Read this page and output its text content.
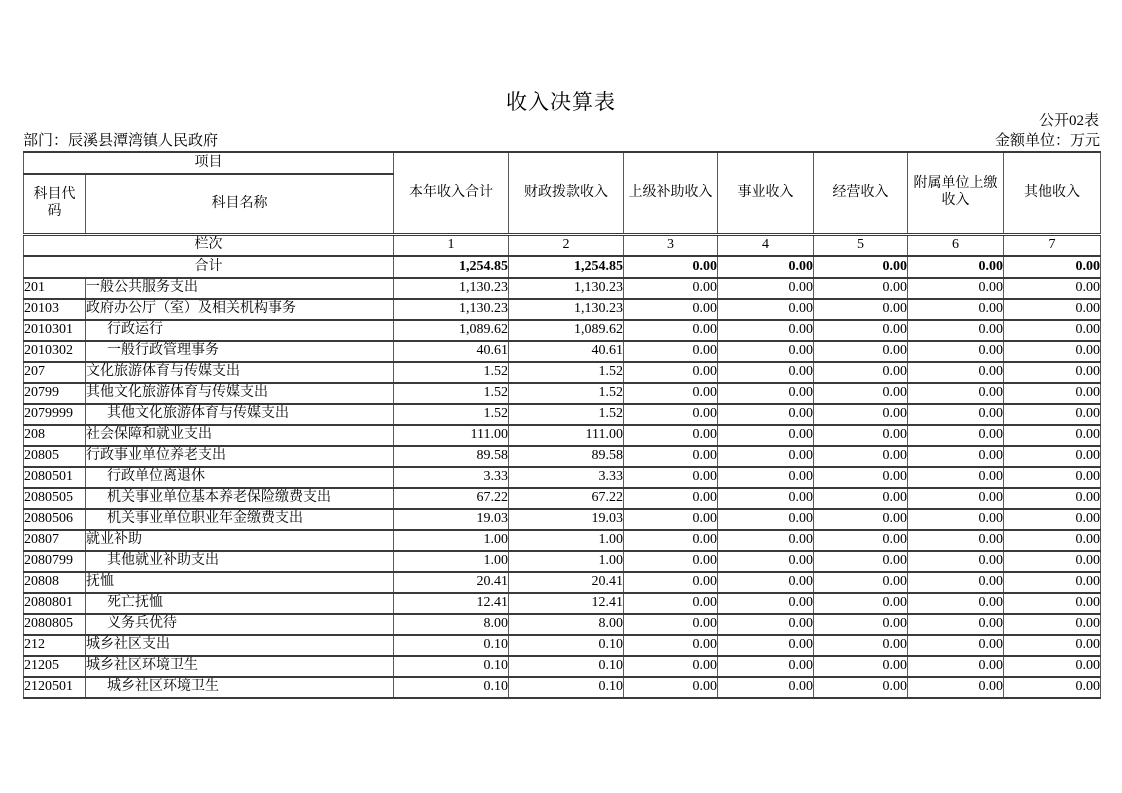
收入决算表
公开02表
部门：辰溪县潭湾镇人民政府	金额单位：万元
项目		本年收入合计	财政拨款收入	上级补助收入	事业收入	经营收入	附属单位上缴收入	其他收入
科目代码	科目名称							
栏次		1	2	3	4	5	6	7
合计		1,254.85	1,254.85	0.00	0.00	0.00	0.00	0.00
201	一般公共服务支出	1,130.23	1,130.23	0.00	0.00	0.00	0.00	0.00
20103	政府办公厅（室）及相关机构事务	1,130.23	1,130.23	0.00	0.00	0.00	0.00	0.00
2010301	行政运行	1,089.62	1,089.62	0.00	0.00	0.00	0.00	0.00
2010302	一般行政管理事务	40.61	40.61	0.00	0.00	0.00	0.00	0.00
207	文化旅游体育与传媒支出	1.52	1.52	0.00	0.00	0.00	0.00	0.00
20799	其他文化旅游体育与传媒支出	1.52	1.52	0.00	0.00	0.00	0.00	0.00
2079999	其他文化旅游体育与传媒支出	1.52	1.52	0.00	0.00	0.00	0.00	0.00
208	社会保障和就业支出	111.00	111.00	0.00	0.00	0.00	0.00	0.00
20805	行政事业单位养老支出	89.58	89.58	0.00	0.00	0.00	0.00	0.00
2080501	行政单位离退休	3.33	3.33	0.00	0.00	0.00	0.00	0.00
2080505	机关事业单位基本养老保险缴费支出	67.22	67.22	0.00	0.00	0.00	0.00	0.00
2080506	机关事业单位职业年金缴费支出	19.03	19.03	0.00	0.00	0.00	0.00	0.00
20807	就业补助	1.00	1.00	0.00	0.00	0.00	0.00	0.00
2080799	其他就业补助支出	1.00	1.00	0.00	0.00	0.00	0.00	0.00
20808	抚恤	20.41	20.41	0.00	0.00	0.00	0.00	0.00
2080801	死亡抚恤	12.41	12.41	0.00	0.00	0.00	0.00	0.00
2080805	义务兵优待	8.00	8.00	0.00	0.00	0.00	0.00	0.00
212	城乡社区支出	0.10	0.10	0.00	0.00	0.00	0.00	0.00
21205	城乡社区环境卫生	0.10	0.10	0.00	0.00	0.00	0.00	0.00
2120501	城乡社区环境卫生	0.10	0.10	0.00	0.00	0.00	0.00	0.00
